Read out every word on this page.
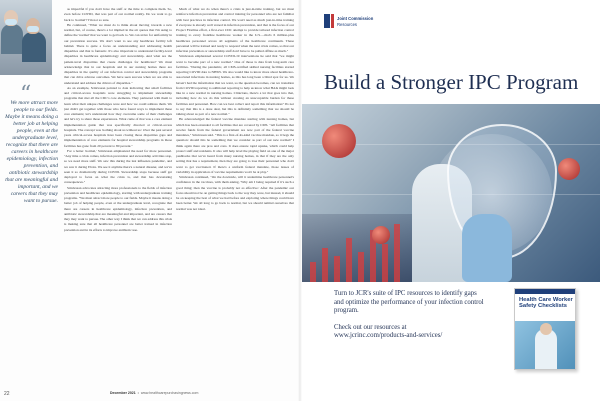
“
We more attract more people to our fields. Maybe it means doing a better job at helping people, even at the undergraduate level, recognize that there are careers in healthcare epidemiology, infection prevention, and antibiotic stewardship that are meaningful and important, and we careers that they may want to pursue.

as impactful if you don't have the staff or the time to complete them. So, even before COVID, that was part of our normal reality. Do we want to go back to 'normal'? I'm not so sure.

He continued, "What we must do is think about moving towards a new normal, but, of course, there's a lot implied in the air quotes that I'm using to define the 'normal' that we want to get back to. We can strive for uniformity in our prevention success. We don't want to see any healthcare facility left behind. There is quite a focus on understanding and addressing health disparities and that is fantastic. It's also important to understand facility-level disparities in healthcare epidemiology and stewardship. And what are the patient-level disparities that create challenges for healthcare? We must acknowledge that in our hospitals and in our nursing homes there are disparities in the quality of our infection control and stewardship programs that can drive adverse outcomes. We have seen success when we are able to understand and address the drivers of disparities."

As an example, Srinivasan pointed to data indicating that small facilities and critical-access hospitals were struggling to implement stewardship programs that met all the CDC's core elements. They partnered with them to learn what their unique challenges were and how we could address them. We just didn't get together with those who have found ways to implement these core elements; let's understand how they overcame some of their challenges and let's try to share those experiences. What came of that was a core element implementation guide that was specifically directed at critical-access hospitals. The concept was 'nothing about us without us.' Over the past several years critical-access hospitals have been closing those disparities gaps and implementation of core elements for hospital stewardship programs in those facilities has gone from 20 percent to 80 percent."

For a better 'normal,' Srinivasan emphasized the need for more personnel. "Any time a crisis comes, infection prevention and stewardship activities stop, so we need more staff. We saw this during the last influenza pandemic, and we saw it during Ebola. We see it anytime there's a natural disaster, and we've seen it so dramatically during COVID. Stewardship stops because staff get deployed to focus on what the crisis is, and that has devastating consequences."

Srinivasan advocates attracting more professionals to the fields of infection prevention and healthcare epidemiology, starting with undergraduate training programs. "We must attract more people to our fields. Maybe it means doing a better job of helping people, even at the undergraduate level, recognize that there are careers in healthcare epidemiology, infection prevention, and antibiotic stewardship that are meaningful and important, and are careers that they may want to pursue. The other way I think that we can address this crisis is making sure that all healthcare personnel are better trained in infection prevention and in its efforts to improve antibiotic use.

Much of what we do when there's a crisis is just-in-time training, but we must reinforce infection prevention and control training for personnel who are not familiar with best practices in infection control. We won't need as much just-in-time training if everyone is already well versed in infection prevention, and that is the focus of our Project Firstline effort, a first-ever CDC attempt to provide tailored infection control training to every frontline healthcare worker in the U.S.—that's 6 million-plus healthcare personnel across all segments of the healthcare continuum. These personnel will be trained and ready to respond when the next crisis comes, so that our infection prevention or stewardship staff don't have to be pulled offline as much."

Srinivasan emphasized several COVID-19 interventions he said that "we might want to become part of a new normal." One of those is data from long-term care facilities. "During the pandemic, all CMS-certified skilled nursing facilities started reporting COVID data to NHSN. We also would like to know more about healthcare-associated infections in nursing homes, as this has long been a blind spot for us. We haven't had the information that we want, so the question becomes, can we transition from COVID reporting to additional reporting to help us know what HAIs might look like in a new normal in nursing homes. Clinicians, there's a lot that goes into that, including how do we do this without creating an unacceptable burden for these facilities and personnel. How can we best collect and report this information? It's not to say that this is a done deal, but this is definitely something that we should be talking about as part of a new normal."

He acknowledged the federal vaccine mandate starting with nursing homes, but which has been extended to all facilities that are covered by CMS. "All facilities that receive funds from the federal government are now part of the federal vaccine mandates," Srinivasan said. "This is a first-of-its-kind vaccine mandate, so it begs the question: should this be something that we consider as part of our new normal? I think again there are pros and cons. It does ensure rapid uptake, which could help protect staff and residents. It also will help level the playing field on one of the major pushbacks that we've heard from many nursing homes, in that if they are the only setting that has a requirement, then they are going to lose their personnel who don't want to get vaccinated. If there's a uniform federal mandate, those issues of variability in application of vaccine requirements won't be at play."

Srinivasan continued, "On the downside, will it undermine healthcare personnel's confidence in the vaccines, with them asking, 'Why am I being required if it's such a good thing; then the vaccine is probably not as effective.' After the pandemic our focus should not be on getting things back to the way they were, but instead, it should be on keeping the best of what we had before and exploring where things could have been better. We all long to go back to normal, but we should remind ourselves that normal was not ideal.

22	December 2021  •  www.healthcarepurchasingnews.com
Joint Commission
Resources
Build a Stronger IPC Program

Turn to JCR's suite of IPC resources to identify gaps and optimize the performance of your infection control program.

Check out our resources at
www.jcrinc.com/products-and-services/

Health Care Worker Safety Checklists
